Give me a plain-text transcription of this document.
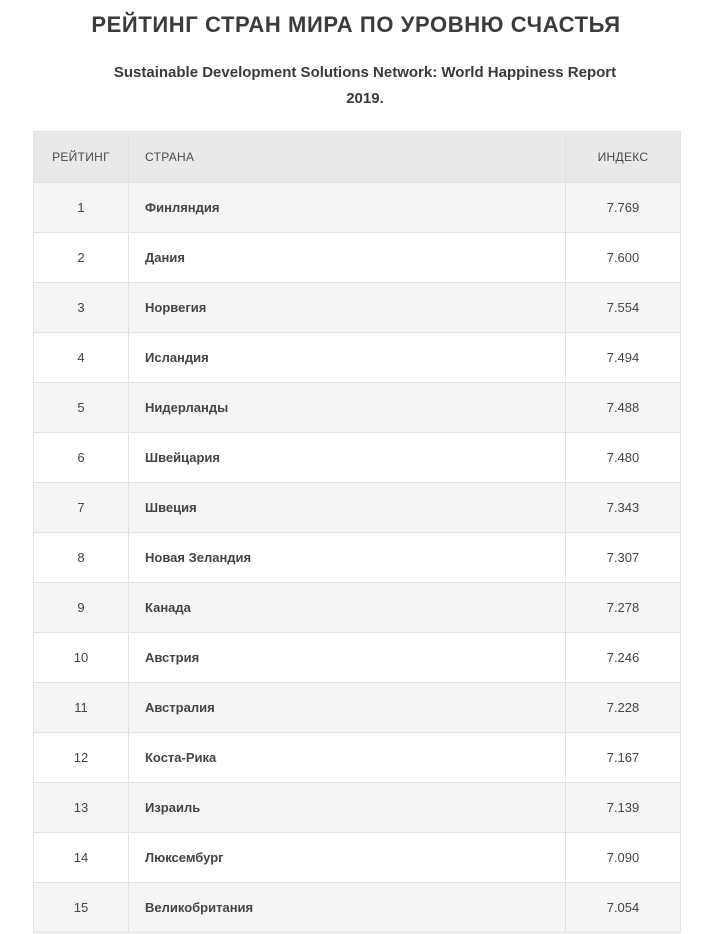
РЕЙТИНГ СТРАН МИРА ПО УРОВНЮ СЧАСТЬЯ
Sustainable Development Solutions Network: World Happiness Report 2019.
РЕЙТИНГ	СТРАНА	ИНДЕКС
1	Финляндия	7.769
2	Дания	7.600
3	Норвегия	7.554
4	Исландия	7.494
5	Нидерланды	7.488
6	Швейцария	7.480
7	Швеция	7.343
8	Новая Зеландия	7.307
9	Канада	7.278
10	Австрия	7.246
11	Австралия	7.228
12	Коста-Рика	7.167
13	Израиль	7.139
14	Люксембург	7.090
15	Великобритания	7.054
